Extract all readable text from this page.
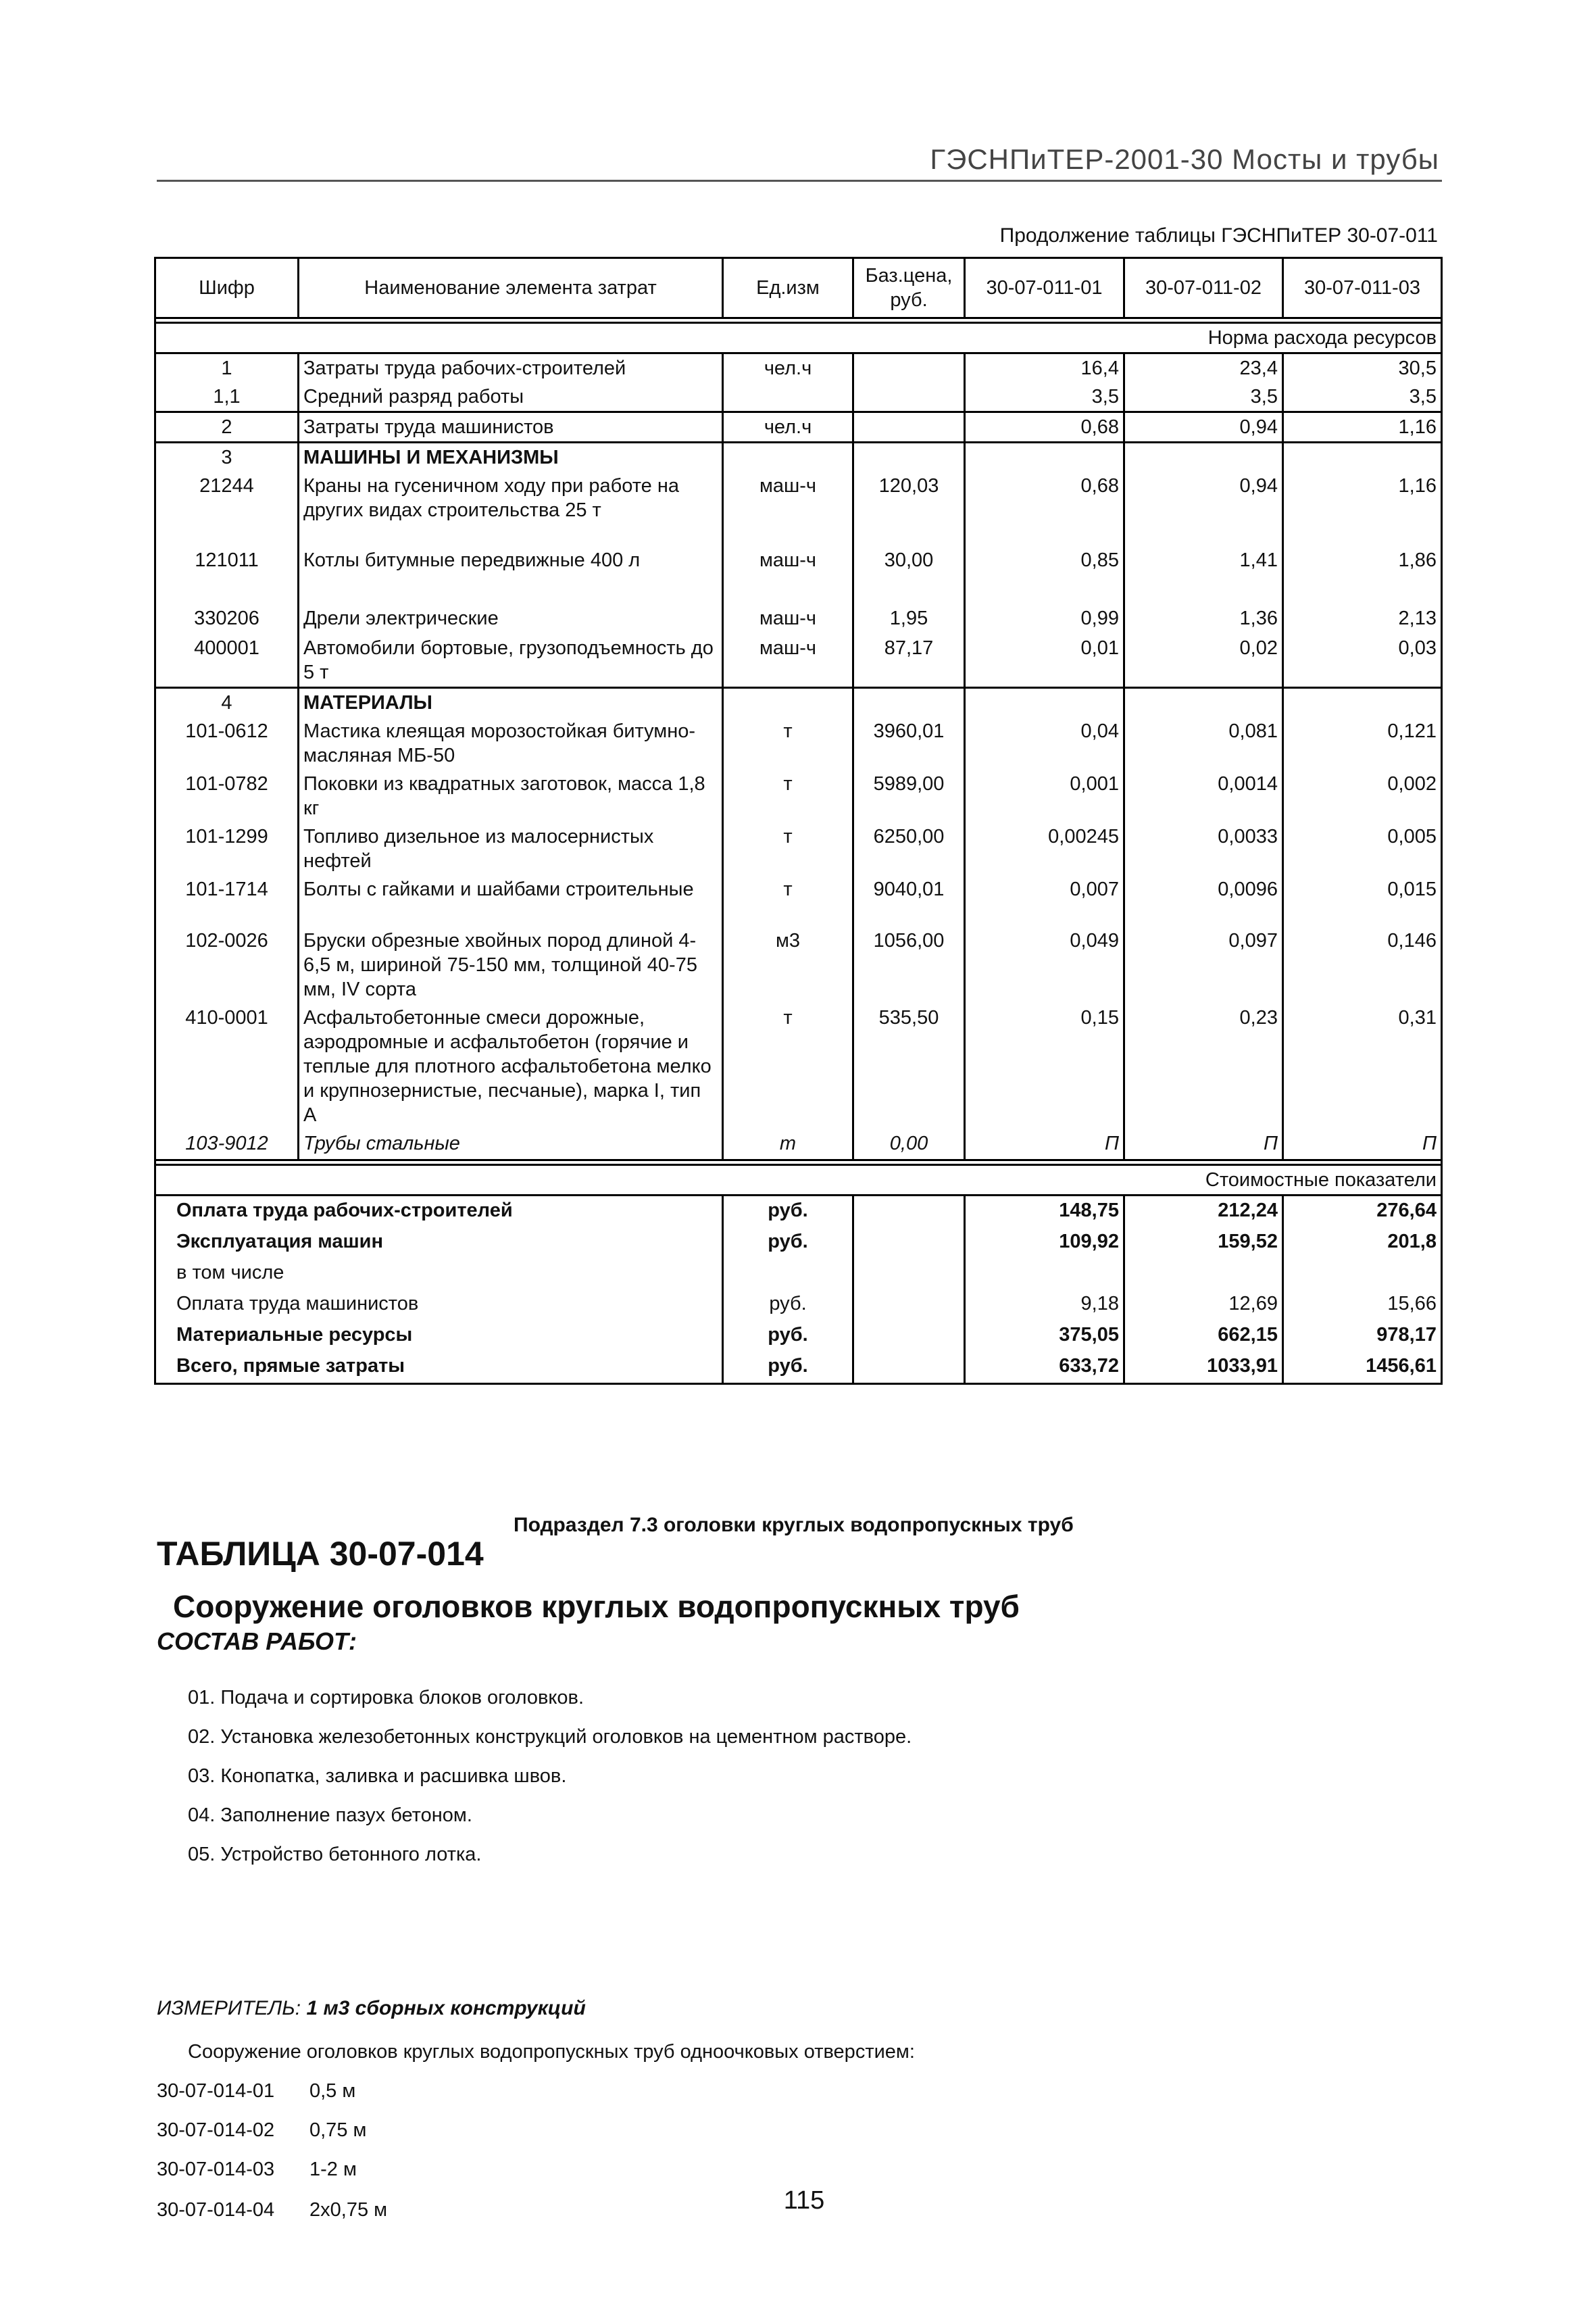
ГЭСНПиТЕР-2001-30 Мосты и трубы
Продолжение таблицы ГЭСНПиТЕР 30-07-011
Шифр	Наименование элемента затрат	Ед.изм	Баз.цена, руб.	30-07-011-01	30-07-011-02	30-07-011-03

Норма расхода ресурсов						
1	Затраты труда рабочих-строителей	чел.ч		16,4	23,4	30,5
1,1	Средний разряд работы			3,5	3,5	3,5
2	Затраты труда машинистов	чел.ч		0,68	0,94	1,16
3	МАШИНЫ И МЕХАНИЗМЫ					
21244	Краны на гусеничном ходу при работе на других видах строительства 25 т	маш-ч	120,03	0,68	0,94	1,16
121011	Котлы битумные передвижные 400 л	маш-ч	30,00	0,85	1,41	1,86
330206	Дрели электрические	маш-ч	1,95	0,99	1,36	2,13
400001	Автомобили бортовые, грузоподъемность до 5 т	маш-ч	87,17	0,01	0,02	0,03
4	МАТЕРИАЛЫ					
101-0612	Мастика клеящая морозостойкая битумно-масляная МБ-50	т	3960,01	0,04	0,081	0,121
101-0782	Поковки из квадратных заготовок, масса 1,8 кг	т	5989,00	0,001	0,0014	0,002
101-1299	Топливо дизельное из малосернистых нефтей	т	6250,00	0,00245	0,0033	0,005
101-1714	Болты с гайками и шайбами строительные	т	9040,01	0,007	0,0096	0,015
102-0026	Бруски обрезные хвойных пород длиной 4-6,5 м, шириной 75-150 мм, толщиной 40-75 мм, IV сорта	м3	1056,00	0,049	0,097	0,146
410-0001	Асфальтобетонные смеси дорожные, аэродромные и асфальтобетон (горячие и теплые для плотного асфальтобетона мелко и крупнозернистые, песчаные), марка I, тип А	т	535,50	0,15	0,23	0,31
103-9012	Трубы стальные	т	0,00	П	П	П

Стоимостные показатели						
Оплата труда рабочих-строителей		руб.		148,75	212,24	276,64
Эксплуатация машин		руб.		109,92	159,52	201,8
в том числе						
Оплата труда машинистов		руб.		9,18	12,69	15,66
Материальные ресурсы		руб.		375,05	662,15	978,17
Всего, прямые затраты		руб.		633,72	1033,91	1456,61
Подраздел 7.3 оголовки круглых водопропускных труб
ТАБЛИЦА 30-07-014
Сооружение оголовков круглых водопропускных труб
СОСТАВ РАБОТ:
01. Подача и сортировка блоков оголовков.
02. Установка железобетонных конструкций оголовков на цементном растворе.
03. Конопатка, заливка и расшивка швов.
04. Заполнение пазух бетоном.
05. Устройство бетонного лотка.
ИЗМЕРИТЕЛЬ: 1 м3 сборных конструкций
Сооружение оголовков круглых водопропускных труб одноочковых отверстием:
30-07-014-01 0,5 м
30-07-014-02 0,75 м
30-07-014-03 1-2 м
30-07-014-04 2х0,75 м	115
